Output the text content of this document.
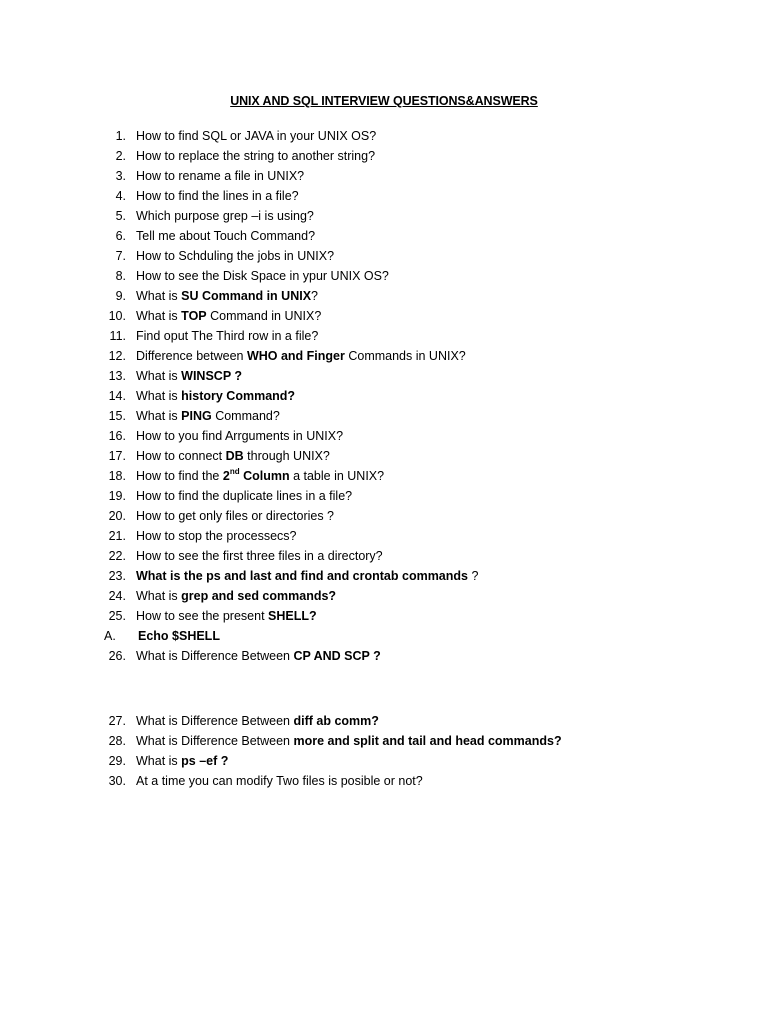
UNIX AND SQL INTERVIEW QUESTIONS&ANSWERS
1. How to find SQL or JAVA in your UNIX OS?
2. How to replace the string to another string?
3. How to rename a file in UNIX?
4. How to find the lines in a file?
5. Which purpose grep –i is using?
6. Tell me about Touch Command?
7. How to Schduling the jobs in UNIX?
8. How to see the Disk Space in ypur UNIX OS?
9. What is SU Command in UNIX?
10. What is TOP Command in UNIX?
11. Find oput The Third row in a file?
12. Difference between WHO and Finger Commands in UNIX?
13. What is WINSCP ?
14. What is history Command?
15. What is PING Command?
16. How to you find Arrguments in UNIX?
17. How to connect DB through UNIX?
18. How to find the 2nd Column a table in UNIX?
19. How to find the duplicate lines in a file?
20. How to get only files or directories ?
21. How to stop the processecs?
22. How to see the first three files in a directory?
23. What is the ps and last and find and crontab commands ?
24. What is grep and sed commands?
25. How to see the present SHELL?
A.	Echo $SHELL
26. What is Difference Between CP AND SCP ?
27. What is Difference Between diff ab comm?
28. What is Difference Between more and split and tail and head commands?
29. What is ps –ef ?
30. At a time you can modify Two files is posible or not?
